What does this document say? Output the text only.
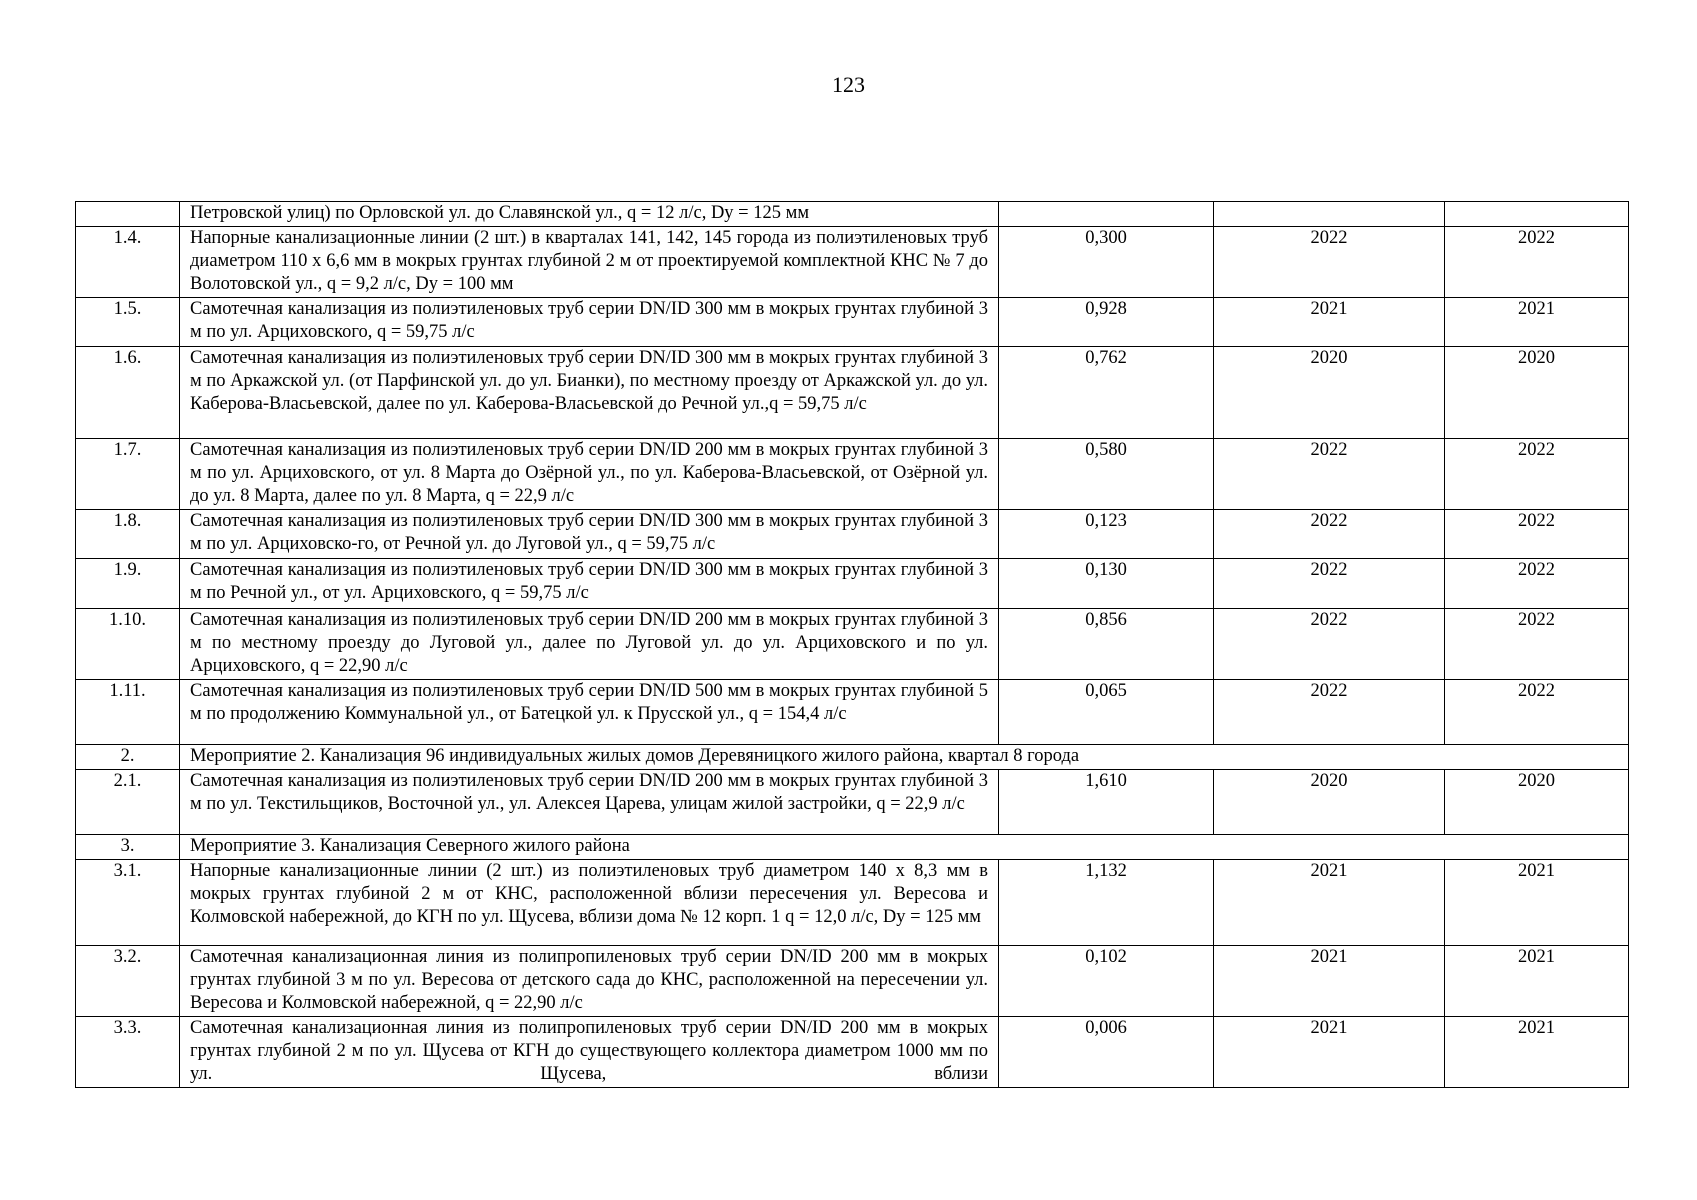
123
	Петровской улиц) по Орловской ул. до Славянской ул., q = 12 л/с, Dy = 125 мм			
1.4.	Напорные канализационные линии (2 шт.) в кварталах 141, 142, 145 города из полиэтиленовых труб диаметром 110 х 6,6 мм в мокрых грунтах глубиной 2 м от проектируемой комплектной КНС № 7 до Волотовской ул., q = 9,2 л/с, Dy = 100 мм	0,300	2022	2022
1.5.	Самотечная канализация из полиэтиленовых труб серии DN/ID 300 мм в мокрых грунтах глубиной 3 м по ул. Арциховского, q = 59,75 л/с	0,928	2021	2021
1.6.	Самотечная канализация из полиэтиленовых труб серии DN/ID 300 мм в мокрых грунтах глубиной 3 м по Аркажской ул. (от Парфинской ул. до ул. Бианки), по местному проезду от Аркажской ул. до ул. Каберова-Власьевской, далее по ул. Каберова-Власьевской до Речной ул.,q = 59,75 л/с	0,762	2020	2020
1.7.	Самотечная канализация из полиэтиленовых труб серии DN/ID 200 мм в мокрых грунтах глубиной 3 м по ул. Арциховского, от ул. 8 Марта до Озёрной ул., по ул. Каберова-Власьевской, от Озёрной ул. до ул. 8 Марта, далее по ул. 8 Марта, q = 22,9 л/с	0,580	2022	2022
1.8.	Самотечная канализация из полиэтиленовых труб серии DN/ID 300 мм в мокрых грунтах глубиной 3 м по ул. Арциховско-го, от Речной ул. до Луговой ул., q = 59,75 л/с	0,123	2022	2022
1.9.	Самотечная канализация из полиэтиленовых труб серии DN/ID 300 мм в мокрых грунтах глубиной 3 м по Речной ул., от ул. Арциховского, q = 59,75 л/с	0,130	2022	2022
1.10.	Самотечная канализация из полиэтиленовых труб серии DN/ID 200 мм в мокрых грунтах глубиной 3 м по местному проезду до Луговой ул., далее по Луговой ул. до ул. Арциховского и по ул. Арциховского, q = 22,90 л/с	0,856	2022	2022
1.11.	Самотечная канализация из полиэтиленовых труб серии DN/ID 500 мм в мокрых грунтах глубиной 5 м по продолжению Коммунальной ул., от Батецкой ул. к Прусской ул., q = 154,4 л/с	0,065	2022	2022
2.	Мероприятие 2. Канализация 96 индивидуальных жилых домов Деревяницкого жилого района, квартал 8 города			
2.1.	Самотечная канализация из полиэтиленовых труб серии DN/ID 200 мм в мокрых грунтах глубиной 3 м по ул. Текстильщиков, Восточной ул., ул. Алексея Царева, улицам жилой застройки, q = 22,9 л/с	1,610	2020	2020
3.	Мероприятие 3. Канализация Северного жилого района			
3.1.	Напорные канализационные линии (2 шт.) из полиэтиленовых труб диаметром 140 х 8,3 мм в мокрых грунтах глубиной 2 м от КНС, расположенной вблизи пересечения ул. Вересова и Колмовской набережной, до КГН по ул. Щусева, вблизи дома № 12 корп. 1 q = 12,0 л/с, Dy = 125 мм	1,132	2021	2021
3.2.	Самотечная канализационная линия из полипропиленовых труб серии DN/ID 200 мм в мокрых грунтах глубиной 3 м по ул. Вересова от детского сада до КНС, расположенной на пересечении ул. Вересова и Колмовской набережной, q = 22,90 л/с	0,102	2021	2021
3.3.	Самотечная канализационная линия из полипропиленовых труб серии DN/ID 200 мм в мокрых грунтах глубиной 2 м по ул. Щусева от КГН до существующего коллектора диаметром 1000 мм по ул. Щусева, вблизи	0,006	2021	2021
